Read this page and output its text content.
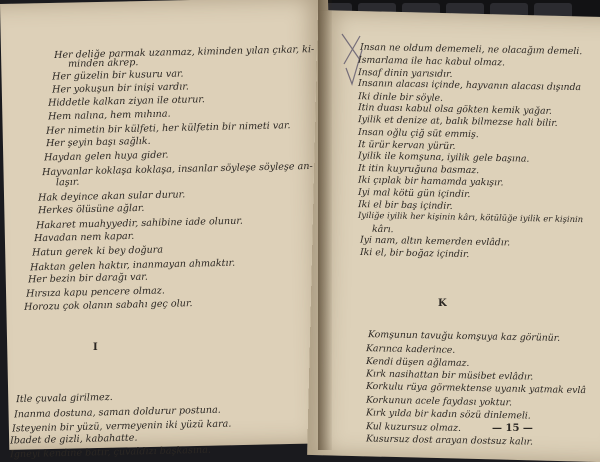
Her deliğe parmak uzanmaz, kiminden yılan çıkar, ki-
minden akrep.
Her güzelin bir kusuru var.
Her yokuşun bir inişi vardır.
Hiddetle kalkan ziyan ile oturur.
Hem nalına, hem mıhına.
Her nimetin bir külfeti, her külfetin bir nimeti var.
Her şeyin başı sağlık.
Haydan gelen huya gider.
Hayvanlar koklaşa koklaşa, insanlar söyleşe söyleşe an-
laşır.
Hak deyince akan sular durur.
Herkes ölüsüne ağlar.
Hakaret muahyyedir, sahibine iade olunur.
Havadan nem kapar.
Hatun gerek ki bey doğura
Haktan gelen haktır, inanmayan ahmaktır.
Her bezin bir darağı var.
Hırsıza kapu pencere olmaz.
Horozu çok olanın sabahı geç olur.
I
Itle çuvala girilmez.
Inanma dostuna, saman doldurur postuna.
Isteyenin bir yüzü, vermeyenin iki yüzü kara.
Ibadet de gizli, kabahatte.
Igneyi kendine batır, çuvaldızı başkasına.
Insan ne oldum dememeli, ne olacağım demeli.
Ismarlama ile hac kabul olmaz.
Insaf dinin yarısıdır.
Insanın alacası içinde, hayvanın alacası dışında
Iki dinle bir söyle.
Itin duası kabul olsa gökten kemik yağar.
Iyilik et denize at, balık bilmezse hali bilir.
Insan oğlu çiğ süt emmiş.
It ürür kervan yürür.
Iyilik ile komşuna, iyilik gele başına.
It itin kuyruğuna basmaz.
Iki çıplak bir hamamda yakışır.
Iyi mal kötü gün içindir.
Iki el bir baş içindir.
Iyiliğe iyilik her kişinin kârı, kötülüğe iyilik er kişinin
kârı.
Iyi nam, altın kemerden evlâdır.
Iki el, bir boğaz içindir.
K
Komşunun tavuğu komşuya kaz görünür.
Karınca kaderince.
Kendi düşen ağlamaz.
Kırk nasihattan bir müsibet evlâdır.
Korkulu rüya görmektense uyanık yatmak evlâ
Korkunun acele faydası yoktur.
Kırk yılda bir kadın sözü dinlemeli.
Kul kuzursuz olmaz.
Kusursuz dost arayan dostsuz kalır.
— 15 —
